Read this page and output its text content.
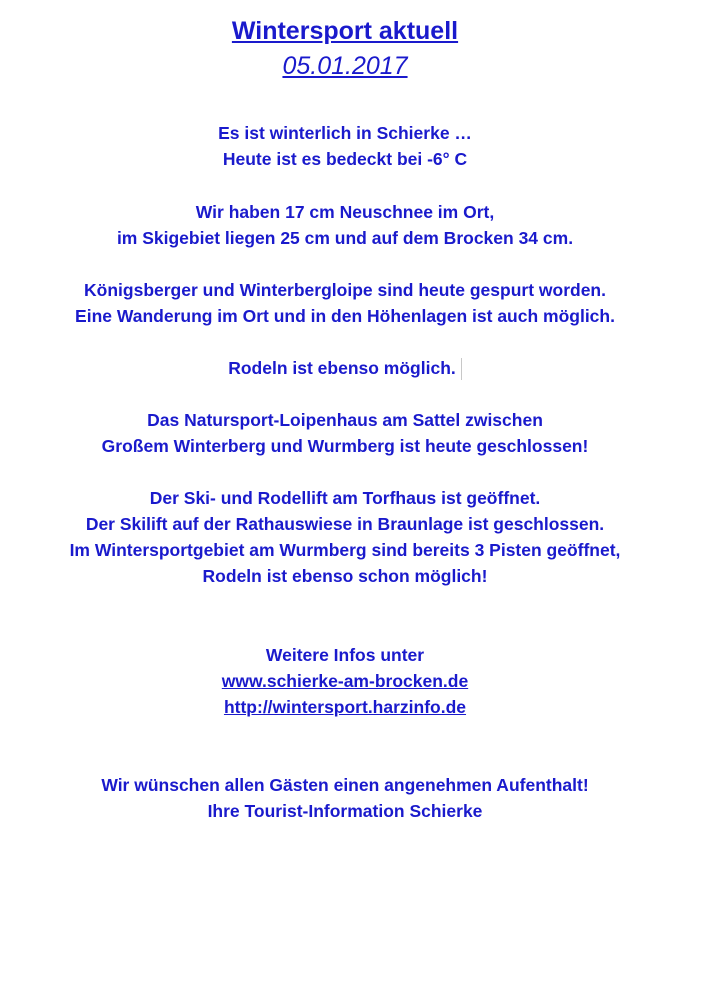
Wintersport aktuell
05.01.2017

Es ist winterlich in Schierke …
Heute ist es bedeckt bei -6° C

Wir haben 17 cm Neuschnee im Ort,
im Skigebiet liegen 25 cm und auf dem Brocken 34 cm.

Königsberger und Winterbergloipe sind heute gespurt worden.
Eine Wanderung im Ort und in den Höhenlagen ist auch möglich.

Rodeln ist ebenso möglich.

Das Natursport-Loipenhaus am Sattel zwischen
Großem Winterberg und Wurmberg ist heute geschlossen!

Der Ski- und Rodellift am Torfhaus ist geöffnet.
Der Skilift auf der Rathauswiese in Braunlage ist geschlossen.
Im Wintersportgebiet am Wurmberg sind bereits 3 Pisten geöffnet,
Rodeln ist ebenso schon möglich!

Weitere Infos unter
www.schierke-am-brocken.de
http://wintersport.harzinfo.de

Wir wünschen allen Gästen einen angenehmen Aufenthalt!
Ihre Tourist-Information Schierke
